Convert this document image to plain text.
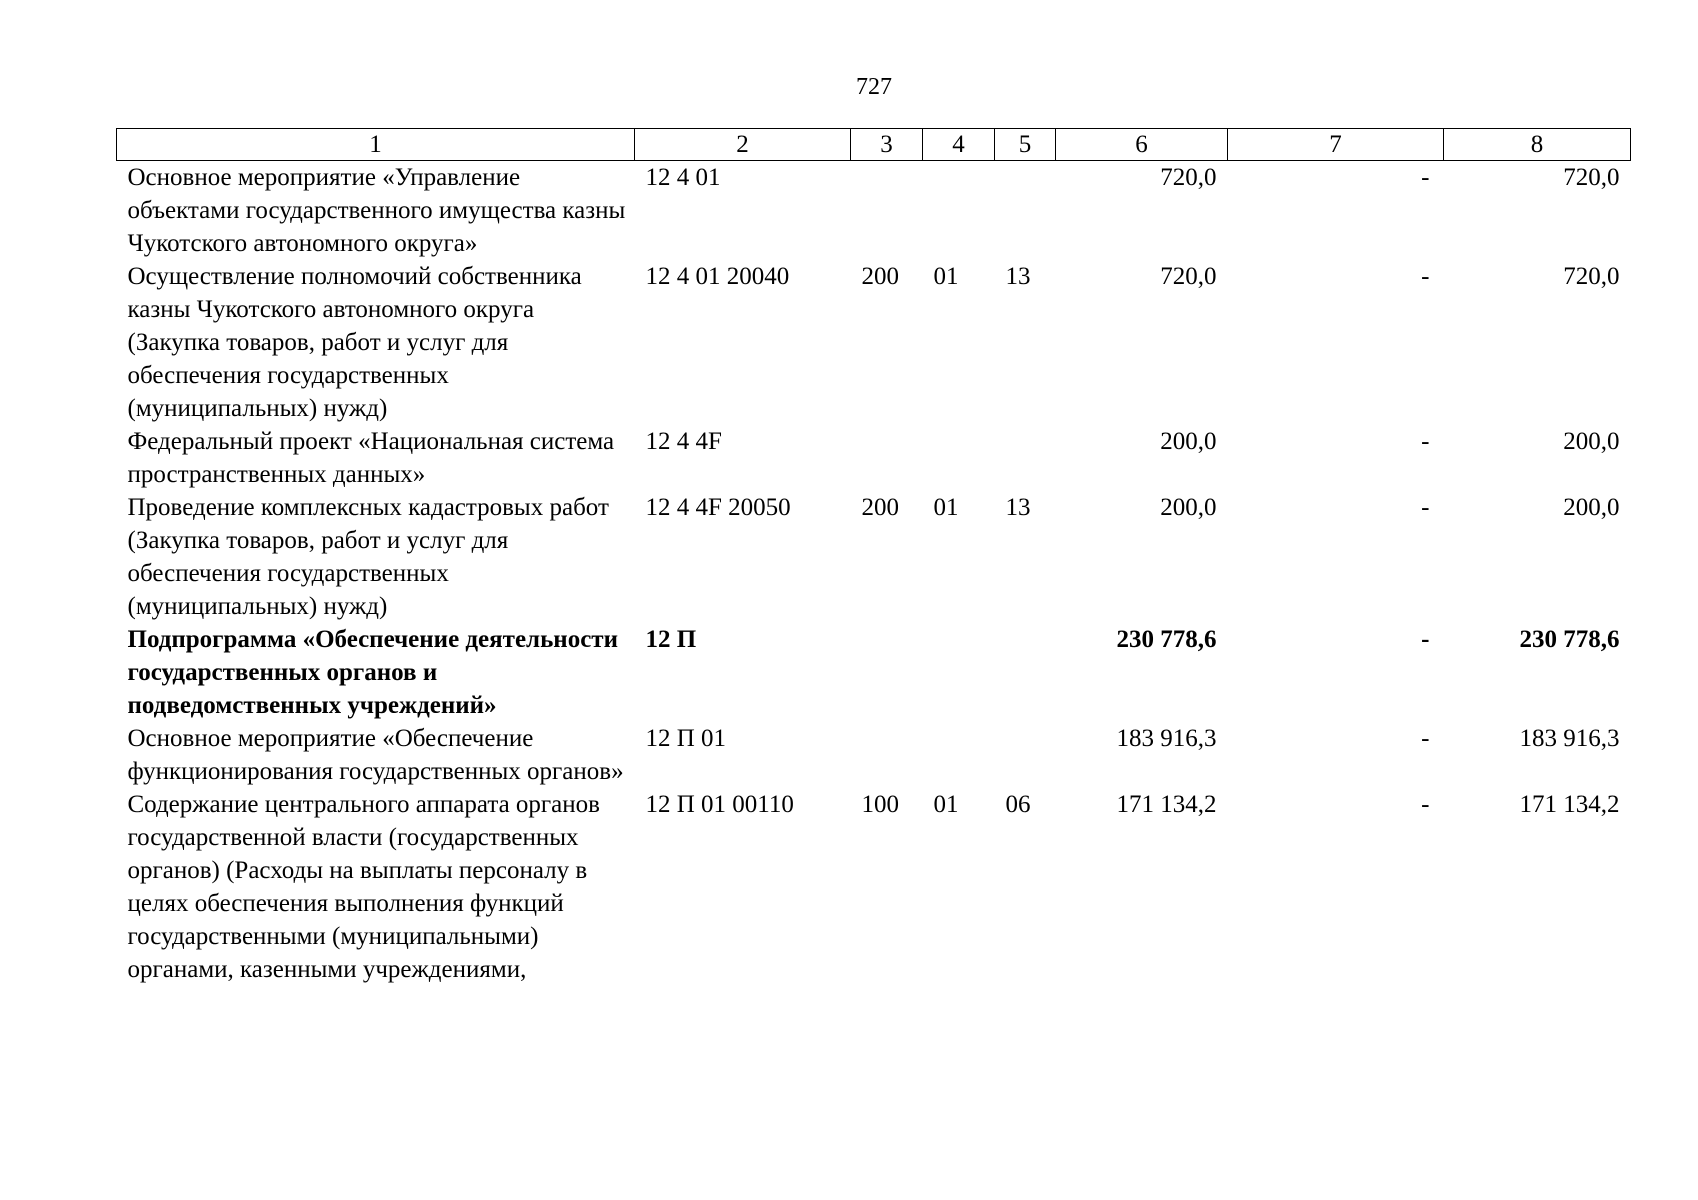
727
1	2	3	4	5	6	7	8
Основное мероприятие «Управление объектами государственного имущества казны Чукотского автономного округа»	12 4 01				720,0	-	720,0
Осуществление полномочий собственника казны Чукотского автономного округа (Закупка товаров, работ и услуг для обеспечения государственных (муниципальных) нужд)	12 4 01 20040	200	01	13	720,0	-	720,0
Федеральный проект «Национальная система пространственных данных»	12 4 4F				200,0	-	200,0
Проведение комплексных кадастровых работ (Закупка товаров, работ и услуг для обеспечения государственных (муниципальных) нужд)	12 4 4F 20050	200	01	13	200,0	-	200,0
Подпрограмма «Обеспечение деятельности государственных органов и подведомственных учреждений»	12 П				230 778,6	-	230 778,6
Основное мероприятие «Обеспечение функционирования государственных органов»	12 П 01				183 916,3	-	183 916,3
Содержание центрального аппарата органов государственной власти (государственных органов) (Расходы на выплаты персоналу в целях обеспечения выполнения функций государственными (муниципальными) органами, казенными учреждениями,	12 П 01 00110	100	01	06	171 134,2	-	171 134,2
